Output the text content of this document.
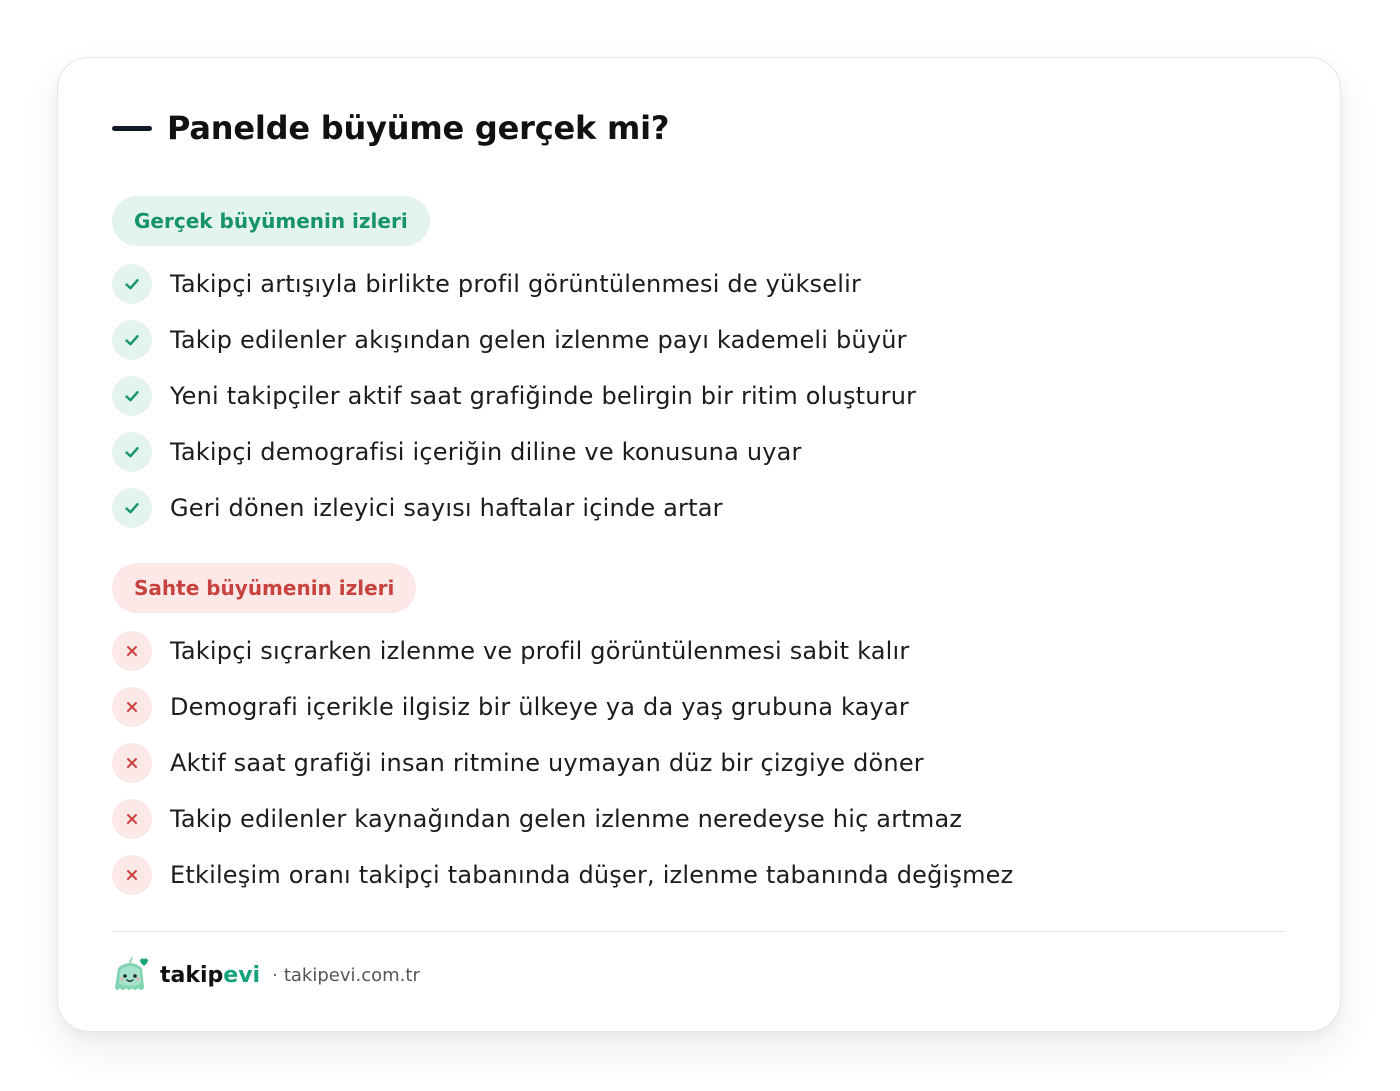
Panelde büyüme gerçek mi?
Gerçek büyümenin izleri
Takipçi artışıyla birlikte profil görüntülenmesi de yükselir
Takip edilenler akışından gelen izlenme payı kademeli büyür
Yeni takipçiler aktif saat grafiğinde belirgin bir ritim oluşturur
Takipçi demografisi içeriğin diline ve konusuna uyar
Geri dönen izleyici sayısı haftalar içinde artar
Sahte büyümenin izleri
Takipçi sıçrarken izlenme ve profil görüntülenmesi sabit kalır
Demografi içerikle ilgisiz bir ülkeye ya da yaş grubuna kayar
Aktif saat grafiği insan ritmine uymayan düz bir çizgiye döner
Takip edilenler kaynağından gelen izlenme neredeyse hiç artmaz
Etkileşim oranı takipçi tabanında düşer, izlenme tabanında değişmez
takipevi · takipevi.com.tr
